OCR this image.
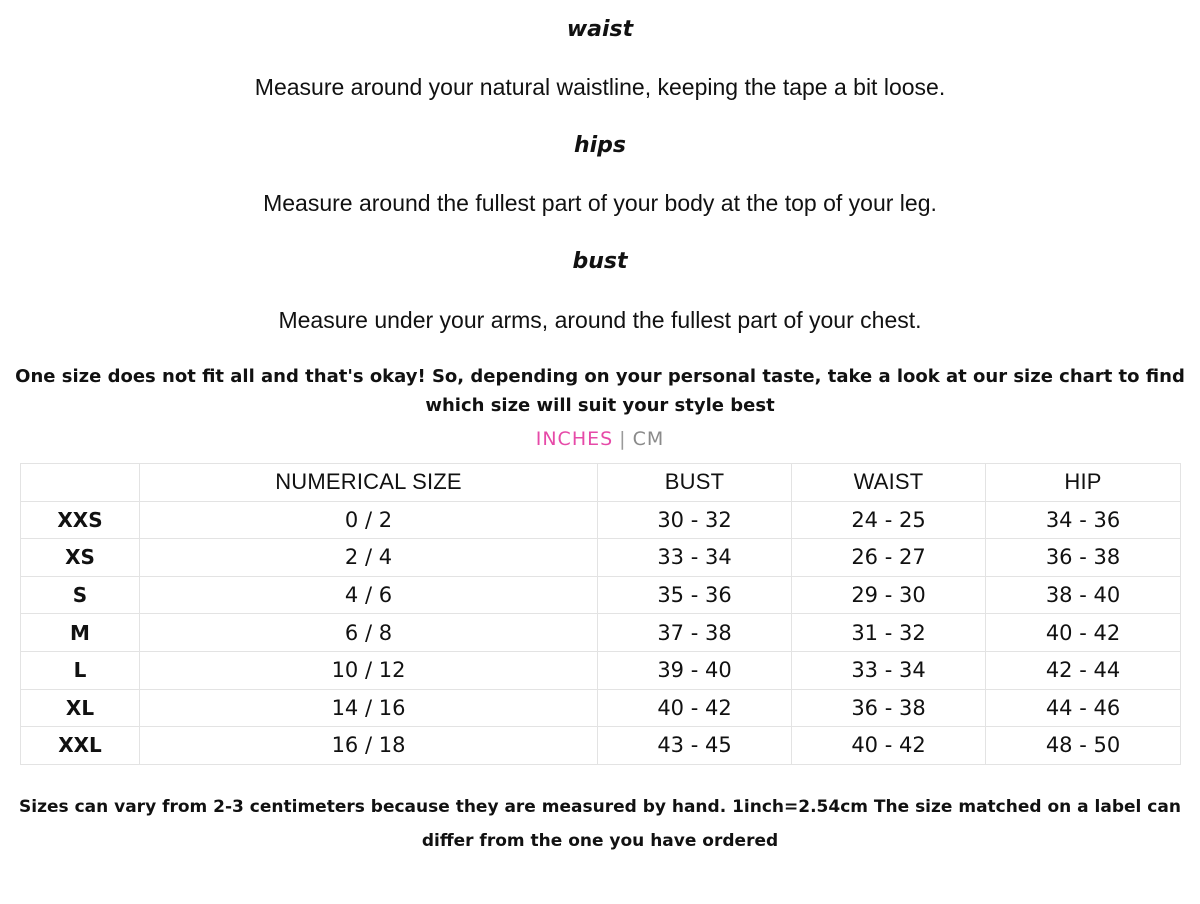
waist
Measure around your natural waistline, keeping the tape a bit loose.
hips
Measure around the fullest part of your body at the top of your leg.
bust
Measure under your arms, around the fullest part of your chest.
One size does not fit all and that's okay! So, depending on your personal taste, take a look at our size chart to find which size will suit your style best
INCHES | CM
	NUMERICAL SIZE	BUST	WAIST	HIP
XXS	0 / 2	30 - 32	24 - 25	34 - 36
XS	2 / 4	33 - 34	26 - 27	36 - 38
S	4 / 6	35 - 36	29 - 30	38 - 40
M	6 / 8	37 - 38	31 - 32	40 - 42
L	10 / 12	39 - 40	33 - 34	42 - 44
XL	14 / 16	40 - 42	36 - 38	44 - 46
XXL	16 / 18	43 - 45	40 - 42	48 - 50
Sizes can vary from 2-3 centimeters because they are measured by hand. 1inch=2.54cm The size matched on a label can differ from the one you have ordered
